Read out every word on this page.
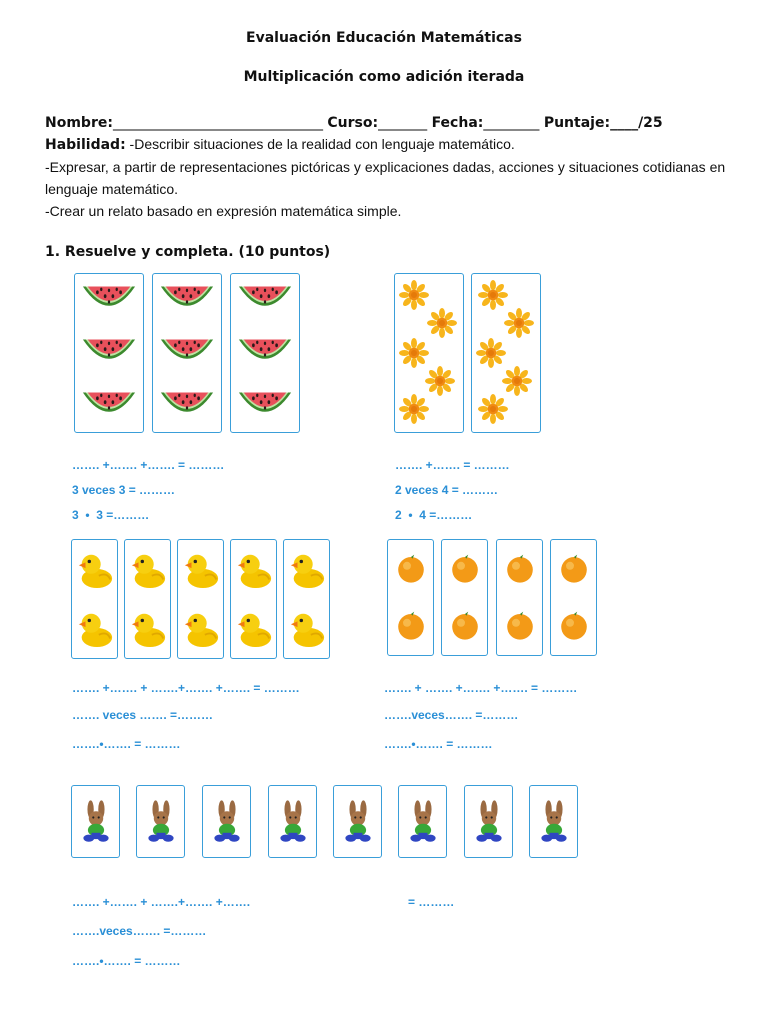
Evaluación Educación Matemáticas
Multiplicación como adición iterada
Nombre:______________________________ Curso:_______ Fecha:________ Puntaje:____/25
Habilidad: -Describir situaciones de la realidad con lenguaje matemático.
-Expresar, a partir de representaciones pictóricas y explicaciones dadas, acciones y situaciones cotidianas en lenguaje matemático.
-Crear un relato basado en expresión matemática simple.
1. Resuelve y completa. (10 puntos)
……. +……. +……. = ………
3 veces 3 = ………
3  •  3 =………
……. +……. = ………
2 veces 4 = ………
2  •  4 =………
……. +……. + …….+……. +……. = ………
……. veces ……. =………
…….•……. = ………
……. + ……. +……. +……. = ………
…….veces……. =………
…….•……. = ………
……. +……. + …….+……. +…….	= ………
…….veces……. =………
…….•……. = ………
